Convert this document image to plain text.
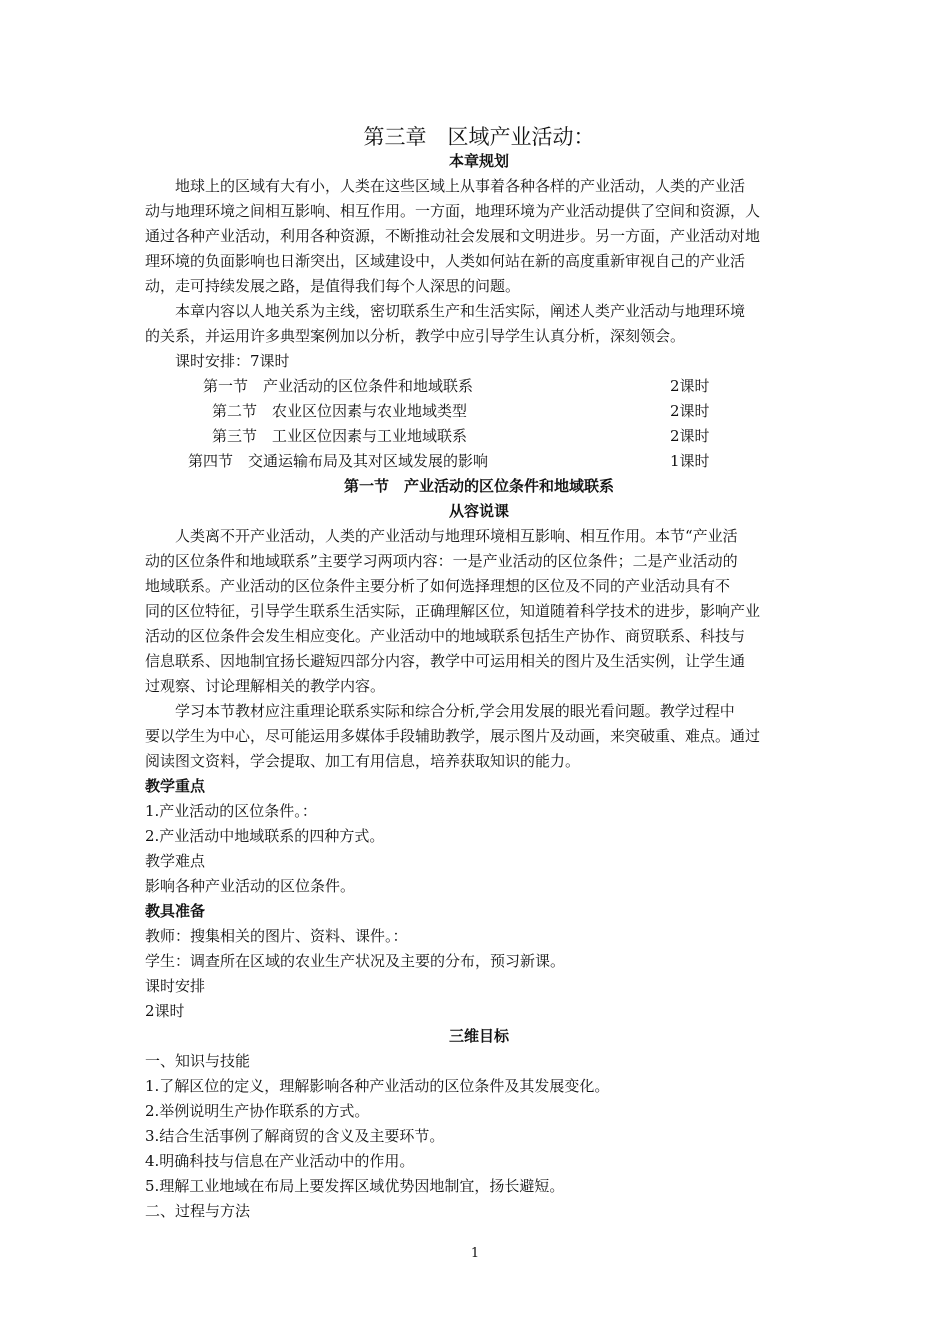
第三章　区域产业活动：
本章规划
　　地球上的区域有大有小，人类在这些区域上从事着各种各样的产业活动，人类的产业活
动与地理环境之间相互影响、相互作用。一方面，地理环境为产业活动提供了空间和资源，人
通过各种产业活动，利用各种资源，不断推动社会发展和文明进步。另一方面，产业活动对地
理环境的负面影响也日渐突出，区域建设中，人类如何站在新的高度重新审视自己的产业活
动，走可持续发展之路，是值得我们每个人深思的问题。
　　本章内容以人地关系为主线，密切联系生产和生活实际，阐述人类产业活动与地理环境
的关系，并运用许多典型案例加以分析，教学中应引导学生认真分析，深刻领会。
　　课时安排：7课时
第一节　产业活动的区位条件和地域联系	2课时
第二节　农业区位因素与农业地域类型	2课时
第三节　工业区位因素与工业地域联系	2课时
第四节　交通运输布局及其对区域发展的影响	1课时
第一节　产业活动的区位条件和地域联系
从容说课
　　人类离不开产业活动，人类的产业活动与地理环境相互影响、相互作用。本节“产业活
动的区位条件和地域联系”主要学习两项内容：一是产业活动的区位条件；二是产业活动的
地域联系。产业活动的区位条件主要分析了如何选择理想的区位及不同的产业活动具有不
同的区位特征，引导学生联系生活实际，正确理解区位，知道随着科学技术的进步，影响产业
活动的区位条件会发生相应变化。产业活动中的地域联系包括生产协作、商贸联系、科技与
信息联系、因地制宜扬长避短四部分内容，教学中可运用相关的图片及生活实例，让学生通
过观察、讨论理解相关的教学内容。
　　学习本节教材应注重理论联系实际和综合分析,学会用发展的眼光看问题。教学过程中
要以学生为中心，尽可能运用多媒体手段辅助教学，展示图片及动画，来突破重、难点。通过
阅读图文资料，学会提取、加工有用信息，培养获取知识的能力。
教学重点
1.产业活动的区位条件。：
2.产业活动中地域联系的四种方式。
教学难点
影响各种产业活动的区位条件。
教具准备
教师：搜集相关的图片、资料、课件。：
学生：调查所在区域的农业生产状况及主要的分布，预习新课。
课时安排
2课时
三维目标
一、知识与技能
1.了解区位的定义，理解影响各种产业活动的区位条件及其发展变化。
2.举例说明生产协作联系的方式。
3.结合生活事例了解商贸的含义及主要环节。
4.明确科技与信息在产业活动中的作用。
5.理解工业地域在布局上要发挥区域优势因地制宜，扬长避短。
二、过程与方法
1
